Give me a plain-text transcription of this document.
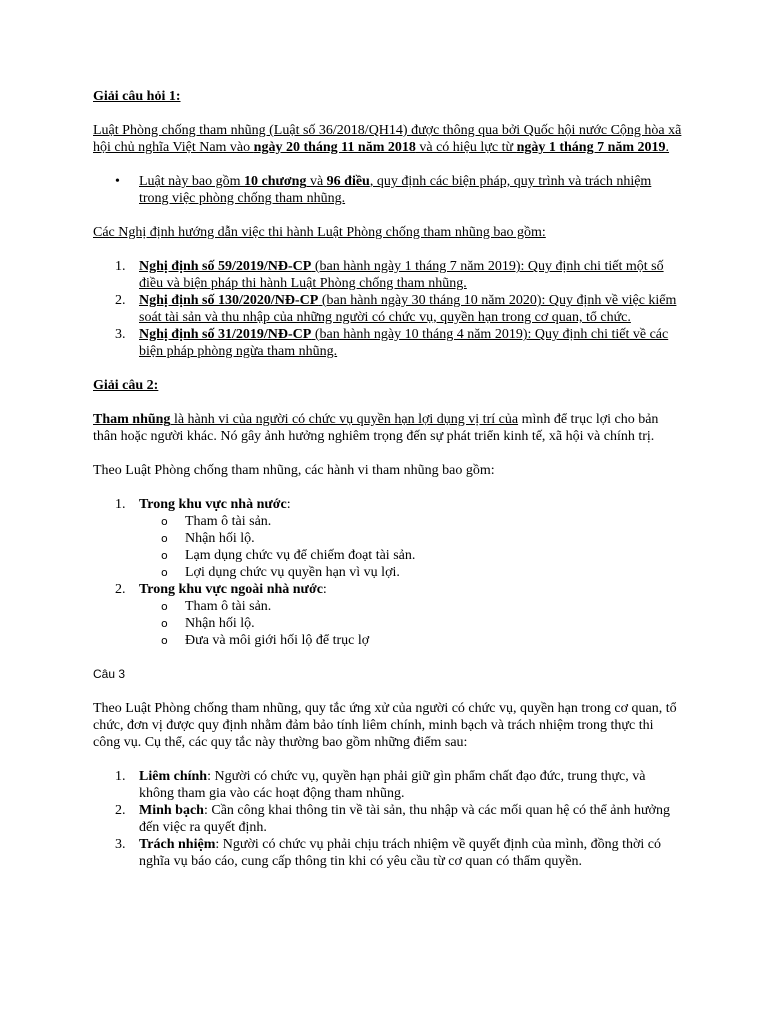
Giải câu hỏi 1:

Luật Phòng chống tham nhũng (Luật số 36/2018/QH14) được thông qua bởi Quốc hội nước Cộng hòa xã hội chủ nghĩa Việt Nam vào ngày 20 tháng 11 năm 2018 và có hiệu lực từ ngày 1 tháng 7 năm 2019.

• Luật này bao gồm 10 chương và 96 điều, quy định các biện pháp, quy trình và trách nhiệm trong việc phòng chống tham nhũng.

Các Nghị định hướng dẫn việc thi hành Luật Phòng chống tham nhũng bao gồm:

1. Nghị định số 59/2019/NĐ-CP (ban hành ngày 1 tháng 7 năm 2019): Quy định chi tiết một số điều và biện pháp thi hành Luật Phòng chống tham nhũng.
2. Nghị định số 130/2020/NĐ-CP (ban hành ngày 30 tháng 10 năm 2020): Quy định về việc kiểm soát tài sản và thu nhập của những người có chức vụ, quyền hạn trong cơ quan, tổ chức.
3. Nghị định số 31/2019/NĐ-CP (ban hành ngày 10 tháng 4 năm 2019): Quy định chi tiết về các biện pháp phòng ngừa tham nhũng.

Giải câu 2:

Tham nhũng là hành vi của người có chức vụ quyền hạn lợi dụng vị trí của mình để trục lợi cho bản thân hoặc người khác. Nó gây ảnh hưởng nghiêm trọng đến sự phát triển kinh tế, xã hội và chính trị.

Theo Luật Phòng chống tham nhũng, các hành vi tham nhũng bao gồm:

1. Trong khu vực nhà nước:
o Tham ô tài sản.
o Nhận hối lộ.
o Lạm dụng chức vụ để chiếm đoạt tài sản.
o Lợi dụng chức vụ quyền hạn vì vụ lợi.
2. Trong khu vực ngoài nhà nước:
o Tham ô tài sản.
o Nhận hối lộ.
o Đưa và môi giới hối lộ để trục lợ

Câu 3

Theo Luật Phòng chống tham nhũng, quy tắc ứng xử của người có chức vụ, quyền hạn trong cơ quan, tổ chức, đơn vị được quy định nhằm đảm bảo tính liêm chính, minh bạch và trách nhiệm trong thực thi công vụ. Cụ thể, các quy tắc này thường bao gồm những điểm sau:

1. Liêm chính: Người có chức vụ, quyền hạn phải giữ gìn phẩm chất đạo đức, trung thực, và không tham gia vào các hoạt động tham nhũng.
2. Minh bạch: Cần công khai thông tin về tài sản, thu nhập và các mối quan hệ có thể ảnh hưởng đến việc ra quyết định.
3. Trách nhiệm: Người có chức vụ phải chịu trách nhiệm về quyết định của mình, đồng thời có nghĩa vụ báo cáo, cung cấp thông tin khi có yêu cầu từ cơ quan có thẩm quyền.
